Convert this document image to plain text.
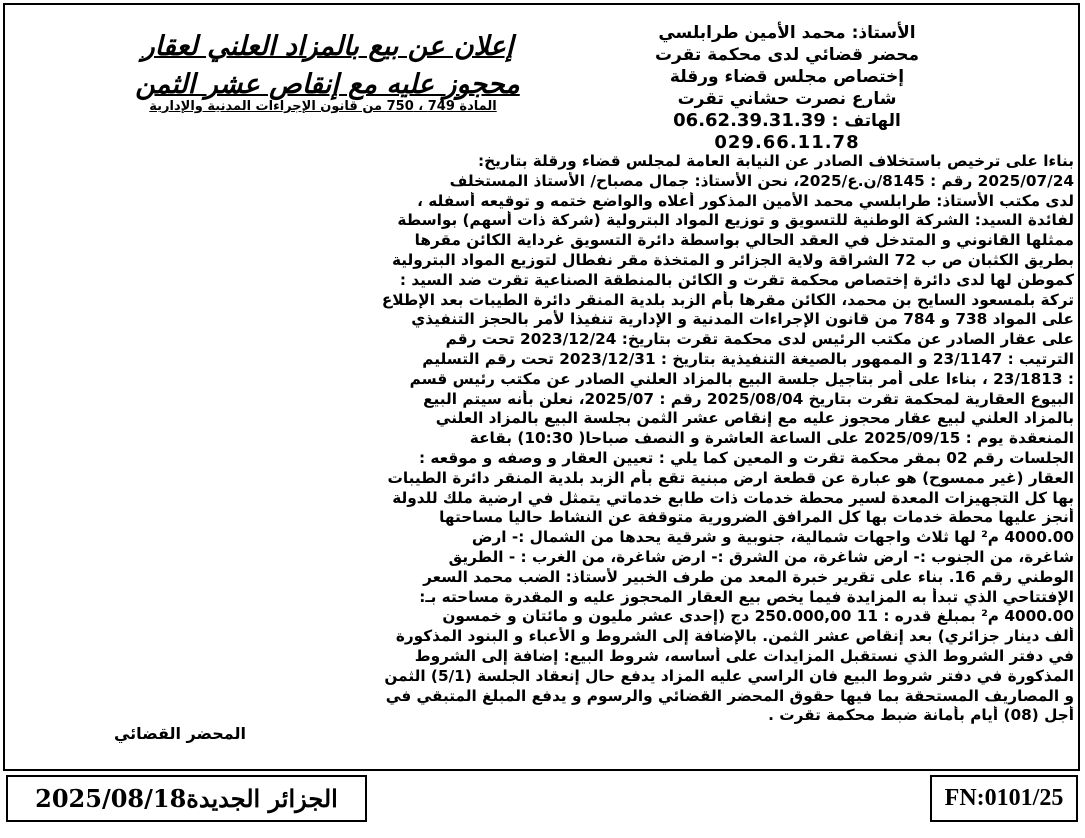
الأستاذ: محمد الأمين طرابلسي
محضر قضائي لدى محكمة تقرت
إختصاص مجلس قضاء ورقلة
شارع نصرت حشاني تقرت
الهاتف : 06.62.39.31.39
029.66.11.78
إعلان عن بيع بالمزاد العلني لعقار
محجوز عليه مع إنقاص عشر الثمن
المادة 749 ، 750 من قانون الإجراءات المدنية والإدارية
بناءا على ترخيص باستخلاف الصادر عن النيابة العامة لمجلس قضاء ورقلة بتاريخ:
2025/07/24 رقم : 8145/ن.ع/2025، نحن الأستاذ: جمال مصباح/ الأستاذ المستخلف
لدى مكتب الأستاذ: طرابلسي محمد الأمين المذكور أعلاه والواضع ختمه و توقيعه أسفله ،
لفائدة السيد: الشركة الوطنية للتسويق و توزيع المواد البترولية (شركة ذات أسهم) بواسطة
ممثلها القانوني و المتدخل في العقد الحالي بواسطة دائرة التسويق غرداية الكائن مقرها
بطريق الكثبان ص ب 72 الشراقة ولاية الجزائر و المتخذة مقر نفطال لتوزيع المواد البترولية
كموطن لها لدى دائرة إختصاص محكمة تقرت و الكائن بالمنطقة الصناعية تقرت ضد السيد :
تركة بلمسعود السايح بن محمد، الكائن مقرها بأم الزبد بلدية المنقر دائرة الطيبات بعد الإطلاع
على المواد 738 و 784 من قانون الإجراءات المدنية و الإدارية تنفيذا لأمر بالحجز التنفيذي
على عقار الصادر عن مكتب الرئيس لدى محكمة تقرت بتاريخ: 2023/12/24 تحت رقم
الترتيب : 23/1147 و الممهور بالصيغة التنفيذية بتاريخ : 2023/12/31 تحت رقم التسليم
: 23/1813 ، بناءا على أمر بتاجيل جلسة البيع بالمزاد العلني الصادر عن مكتب رئيس قسم
البيوع العقارية لمحكمة تقرت بتاريخ 2025/08/04 رقم : 2025/07، نعلن بأنه سيتم البيع
بالمزاد العلني لبيع عقار محجوز عليه مع إنقاص عشر الثمن بجلسة البيع بالمزاد العلني
المنعقدة يوم : 2025/09/15 على الساعة العاشرة و النصف صباحا( 10:30) بقاعة
الجلسات رقم 02 بمقر محكمة تقرت و المعين كما يلي : تعيين العقار و وصفه و موقعه :
العقار (غير ممسوح) هو عبارة عن قطعة ارض مبنية تقع بأم الزبد بلدية المنقر دائرة الطيبات
بها كل التجهيزات المعدة لسير محطة خدمات ذات طابع خدماتي يتمثل في ارضية ملك للدولة
أنجز عليها محطة خدمات بها كل المرافق الضرورية متوقفة عن النشاط حاليا مساحتها
4000.00 م² لها ثلاث واجهات شمالية، جنوبية و شرقية يحدها من الشمال :- ارض
شاغرة، من الجنوب :- ارض شاغرة، من الشرق :- ارض شاغرة، من الغرب : - الطريق
الوطني رقم 16. بناء على تقرير خبرة المعد من طرف الخبير لأستاذ: الضب محمد السعر
الإفتتاحي الذي تبدأ به المزايدة فيما يخص بيع العقار المحجوز عليه و المقدرة مساحته بـ:
4000.00 م² بمبلغ قدره : 11 250.000,00 دج (إحدى عشر مليون و مائتان و خمسون
ألف دينار جزائري) بعد إنقاص عشر الثمن. بالإضافة إلى الشروط و الأعباء و البنود المذكورة
في دفتر الشروط الذي نستقبل المزايدات على أساسه، شروط البيع: إضافة إلى الشروط
المذكورة في دفتر شروط البيع فان الراسي عليه المزاد يدفع حال إنعقاد الجلسة (5/1) الثمن
و المصاريف المستحقة بما فيها حقوق المحضر القضائي والرسوم و يدفع المبلغ المتبقي في
أجل (08) أيام بأمانة ضبط محكمة تقرت .
المحضر القضائي
2025/08/18 الجزائر الجديدة	FN:0101/25
